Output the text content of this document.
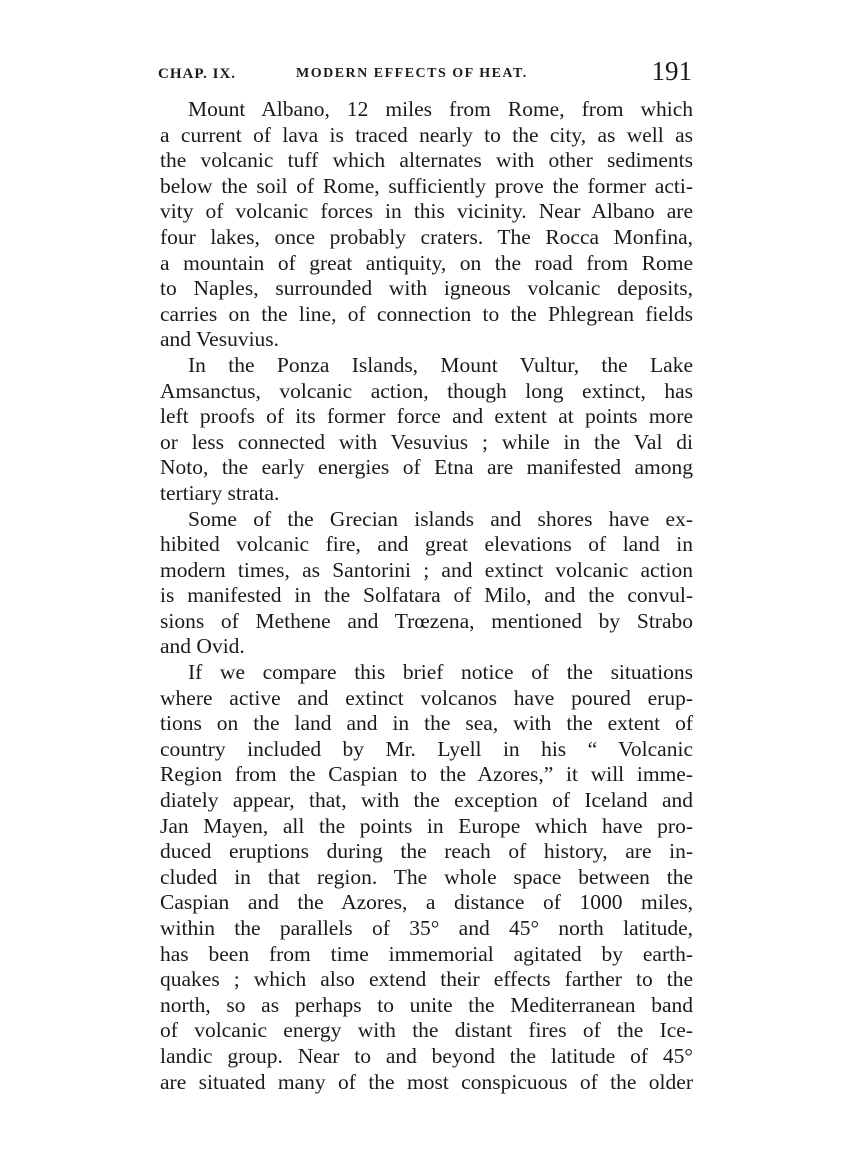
CHAP. IX.	MODERN EFFECTS OF HEAT.	191
Mount Albano, 12 miles from Rome, from which
a current of lava is traced nearly to the city, as well as
the volcanic tuff which alternates with other sediments
below the soil of Rome, sufficiently prove the former acti-
vity of volcanic forces in this vicinity. Near Albano are
four lakes, once probably craters. The Rocca Monfina,
a mountain of great antiquity, on the road from Rome
to Naples, surrounded with igneous volcanic deposits,
carries on the line, of connection to the Phlegrean fields
and Vesuvius.
In the Ponza Islands, Mount Vultur, the Lake
Amsanctus, volcanic action, though long extinct, has
left proofs of its former force and extent at points more
or less connected with Vesuvius ; while in the Val di
Noto, the early energies of Etna are manifested among
tertiary strata.
Some of the Grecian islands and shores have ex-
hibited volcanic fire, and great elevations of land in
modern times, as Santorini ; and extinct volcanic action
is manifested in the Solfatara of Milo, and the convul-
sions of Methene and Trœzena, mentioned by Strabo
and Ovid.
If we compare this brief notice of the situations
where active and extinct volcanos have poured erup-
tions on the land and in the sea, with the extent of
country included by Mr. Lyell in his “ Volcanic
Region from the Caspian to the Azores,” it will imme-
diately appear, that, with the exception of Iceland and
Jan Mayen, all the points in Europe which have pro-
duced eruptions during the reach of history, are in-
cluded in that region. The whole space between the
Caspian and the Azores, a distance of 1000 miles,
within the parallels of 35° and 45° north latitude,
has been from time immemorial agitated by earth-
quakes ; which also extend their effects farther to the
north, so as perhaps to unite the Mediterranean band
of volcanic energy with the distant fires of the Ice-
landic group. Near to and beyond the latitude of 45°
are situated many of the most conspicuous of the older
